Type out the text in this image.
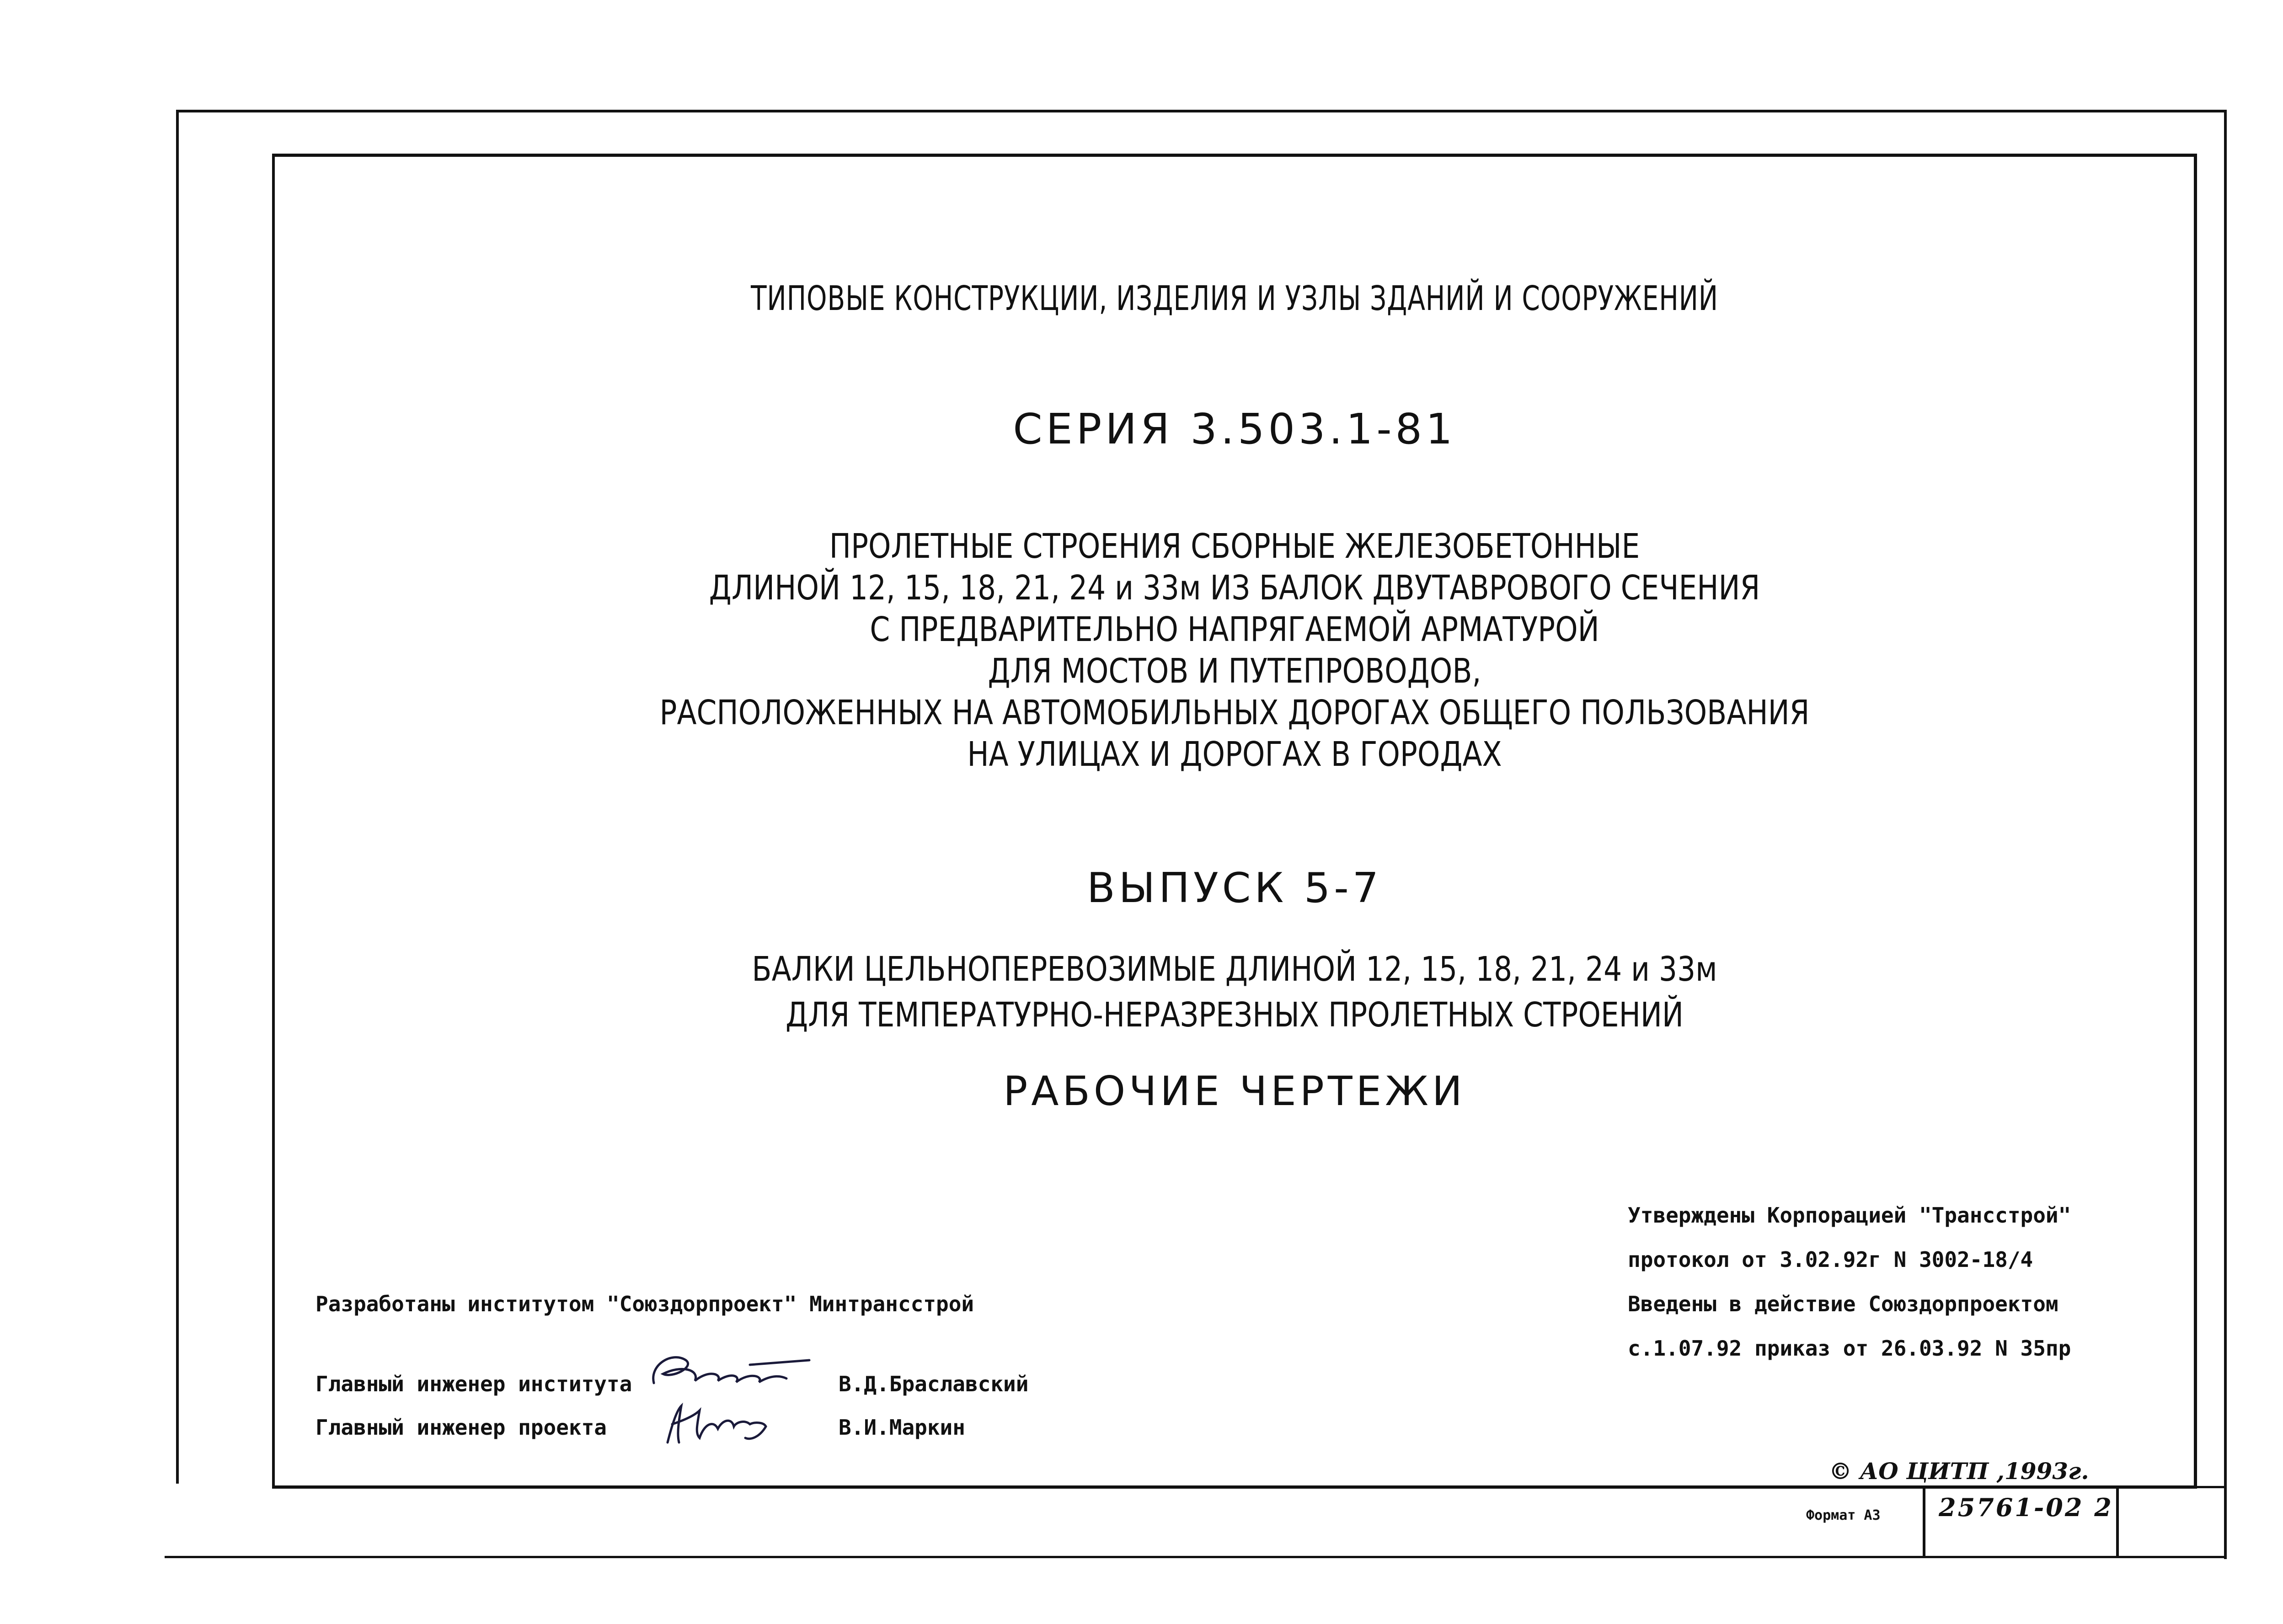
ТИПОВЫЕ КОНСТРУКЦИИ, ИЗДЕЛИЯ И УЗЛЫ ЗДАНИЙ И СООРУЖЕНИЙ
СЕРИЯ 3.503.1-81
ПРОЛЕТНЫЕ СТРОЕНИЯ СБОРНЫЕ ЖЕЛЕЗОБЕТОННЫЕ
ДЛИНОЙ 12, 15, 18, 21, 24 и 33м ИЗ БАЛОК ДВУТАВРОВОГО СЕЧЕНИЯ
С ПРЕДВАРИТЕЛЬНО НАПРЯГАЕМОЙ АРМАТУРОЙ
ДЛЯ МОСТОВ И ПУТЕПРОВОДОВ,
РАСПОЛОЖЕННЫХ НА АВТОМОБИЛЬНЫХ ДОРОГАХ ОБЩЕГО ПОЛЬЗОВАНИЯ
НА УЛИЦАХ И ДОРОГАХ В ГОРОДАХ
ВЫПУСК 5-7
БАЛКИ ЦЕЛЬНОПЕРЕВОЗИМЫЕ ДЛИНОЙ 12, 15, 18, 21, 24 и 33м
ДЛЯ ТЕМПЕРАТУРНО-НЕРАЗРЕЗНЫХ ПРОЛЕТНЫХ СТРОЕНИЙ
РАБОЧИЕ ЧЕРТЕЖИ
Утверждены Корпорацией "Трансстрой"
протокол от 3.02.92г N 3002-18/4
Введены в действие Союздорпроектом
с.1.07.92 приказ от 26.03.92 N 35пр
Разработаны институтом "Союздорпроект" Минтрансстрой
Главный инженер института	В.Д.Браславский
Главный инженер проекта	В.И.Маркин
© АО ЦИТП ,1993г.
Формат А3 25761-02 2
